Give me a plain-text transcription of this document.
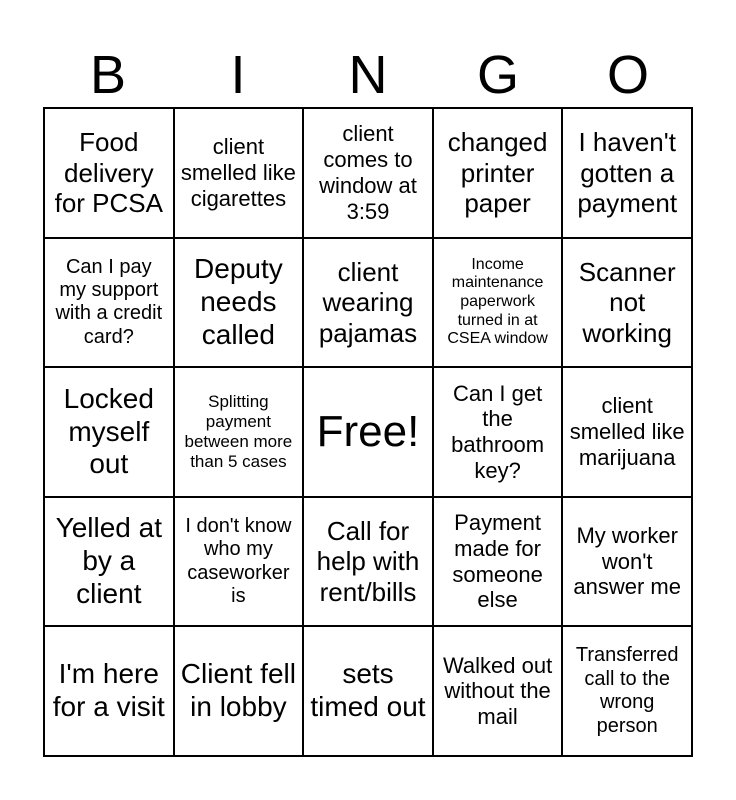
B	I	N	G	O
Food delivery for PCSA
client smelled like cigarettes
client comes to window at 3:59
changed printer paper
I haven't gotten a payment
Can I pay my support with a credit card?
Deputy needs called
client wearing pajamas
Income maintenance paperwork turned in at CSEA window
Scanner not working
Locked myself out
Splitting payment between more than 5 cases
Free!
Can I get the bathroom key?
client smelled like marijuana
Yelled at by a client
I don't know who my caseworker is
Call for help with rent/bills
Payment made for someone else
My worker won't answer me
I'm here for a visit
Client fell in lobby
sets timed out
Walked out without the mail
Transferred call to the wrong person
